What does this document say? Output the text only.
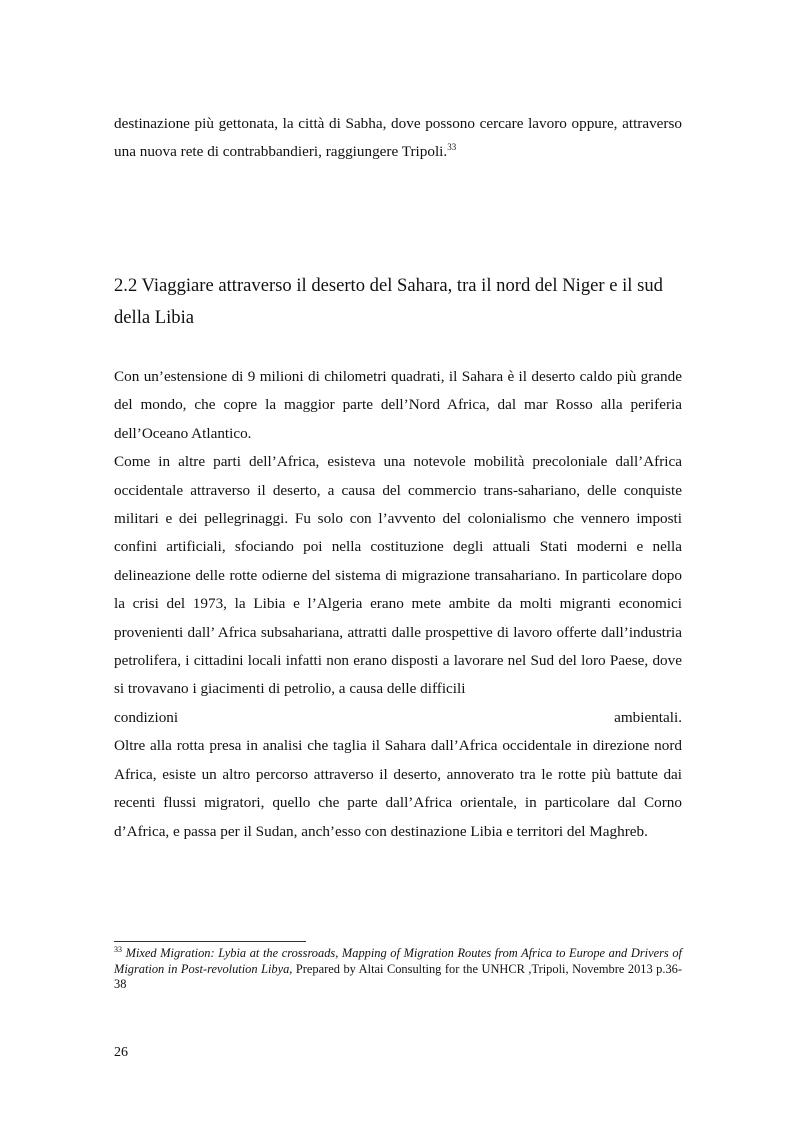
destinazione più gettonata, la città di Sabha, dove possono cercare lavoro oppure, attraverso una nuova rete di contrabbandieri, raggiungere Tripoli.$^{33}$

2.2 Viaggiare attraverso il deserto del Sahara, tra il nord del Niger e il sud della Libia

Con un’estensione di 9 milioni di chilometri quadrati, il Sahara è il deserto caldo più grande del mondo, che copre la maggior parte dell’Nord Africa, dal mar Rosso alla periferia dell’Oceano Atlantico.

Come in altre parti dell’Africa, esisteva una notevole mobilità precoloniale dall’Africa occidentale attraverso il deserto, a causa del commercio trans-sahariano, delle conquiste militari e dei pellegrinaggi. Fu solo con l’avvento del colonialismo che vennero imposti confini artificiali, sfociando poi nella costituzione degli attuali Stati moderni e nella delineazione delle rotte odierne del sistema di migrazione transahariano. In particolare dopo la crisi del 1973, la Libia e l’Algeria erano mete ambite da molti migranti economici provenienti dall’ Africa subsahariana, attratti dalle prospettive di lavoro offerte dall’industria petrolifera, i cittadini locali infatti non erano disposti a lavorare nel Sud del loro Paese, dove si trovavano i giacimenti di petrolio, a causa delle difficili

condizioni ambientali.

Oltre alla rotta presa in analisi che taglia il Sahara dall’Africa occidentale in direzione nord Africa, esiste un altro percorso attraverso il deserto, annoverato tra le rotte più battute dai recenti flussi migratori, quello che parte dall’Africa orientale, in particolare dal Corno d’Africa, e passa per il Sudan, anch’esso con destinazione Libia e territori del Maghreb.

$^{33}$ Mixed Migration: Lybia at the crossroads, Mapping of Migration Routes from Africa to Europe and Drivers of Migration in Post-revolution Libya, Prepared by Altai Consulting for the UNHCR ,Tripoli, Novembre 2013 p.36-38

26
